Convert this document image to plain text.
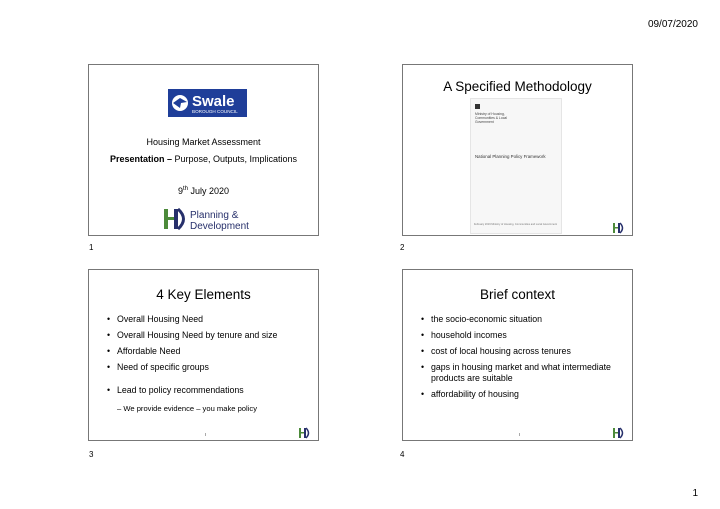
09/07/2020
Swale
BOROUGH COUNCIL
Housing Market Assessment
Presentation – Purpose, Outputs, Implications
9th July 2020
Planning &
Development
1
A Specified Methodology
Ministry of Housing, Communities & Local Government
National Planning Policy Framework
February 2019 Ministry of Housing, Communities and Local Government
2
4 Key Elements
• Overall Housing Need
• Overall Housing Need by tenure and size
• Affordable Need
• Need of specific groups
• Lead to policy recommendations
– We provide evidence – you make policy
3
Brief context
• the socio-economic situation
• household incomes
• cost of local housing across tenures
• gaps in housing market and what intermediate products are suitable
• affordability of housing
4
1
